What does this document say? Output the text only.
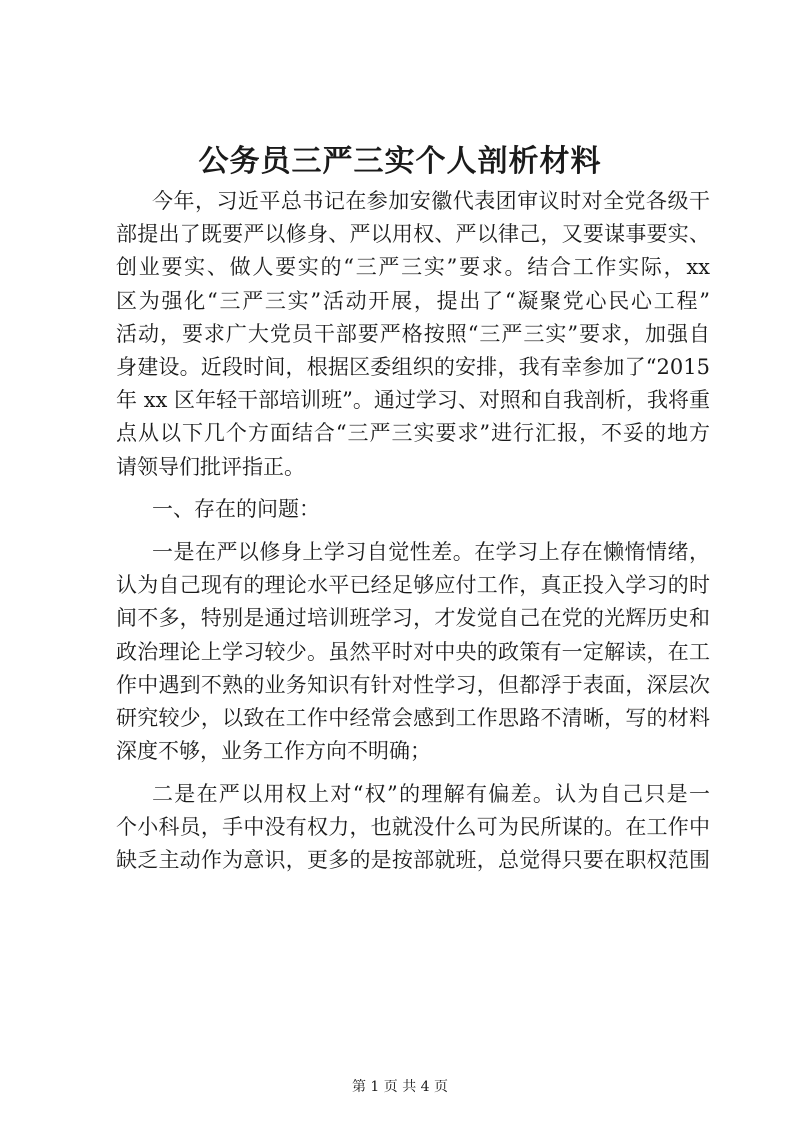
公务员三严三实个人剖析材料
今年，习近平总书记在参加安徽代表团审议时对全党各级干
部提出了既要严以修身、严以用权、严以律己，又要谋事要实、
创业要实、做人要实的“三严三实”要求。结合工作实际，xx
区为强化“三严三实”活动开展，提出了“凝聚党心民心工程”
活动，要求广大党员干部要严格按照“三严三实”要求，加强自
身建设。近段时间，根据区委组织的安排，我有幸参加了“2015
年 xx 区年轻干部培训班”。通过学习、对照和自我剖析，我将重
点从以下几个方面结合“三严三实要求”进行汇报，不妥的地方
请领导们批评指正。
一、存在的问题：
一是在严以修身上学习自觉性差。在学习上存在懒惰情绪，
认为自己现有的理论水平已经足够应付工作，真正投入学习的时
间不多，特别是通过培训班学习，才发觉自己在党的光辉历史和
政治理论上学习较少。虽然平时对中央的政策有一定解读，在工
作中遇到不熟的业务知识有针对性学习，但都浮于表面，深层次
研究较少，以致在工作中经常会感到工作思路不清晰，写的材料
深度不够，业务工作方向不明确；
二是在严以用权上对“权”的理解有偏差。认为自己只是一
个小科员，手中没有权力，也就没什么可为民所谋的。在工作中
缺乏主动作为意识，更多的是按部就班，总觉得只要在职权范围
第 1 页 共 4 页
